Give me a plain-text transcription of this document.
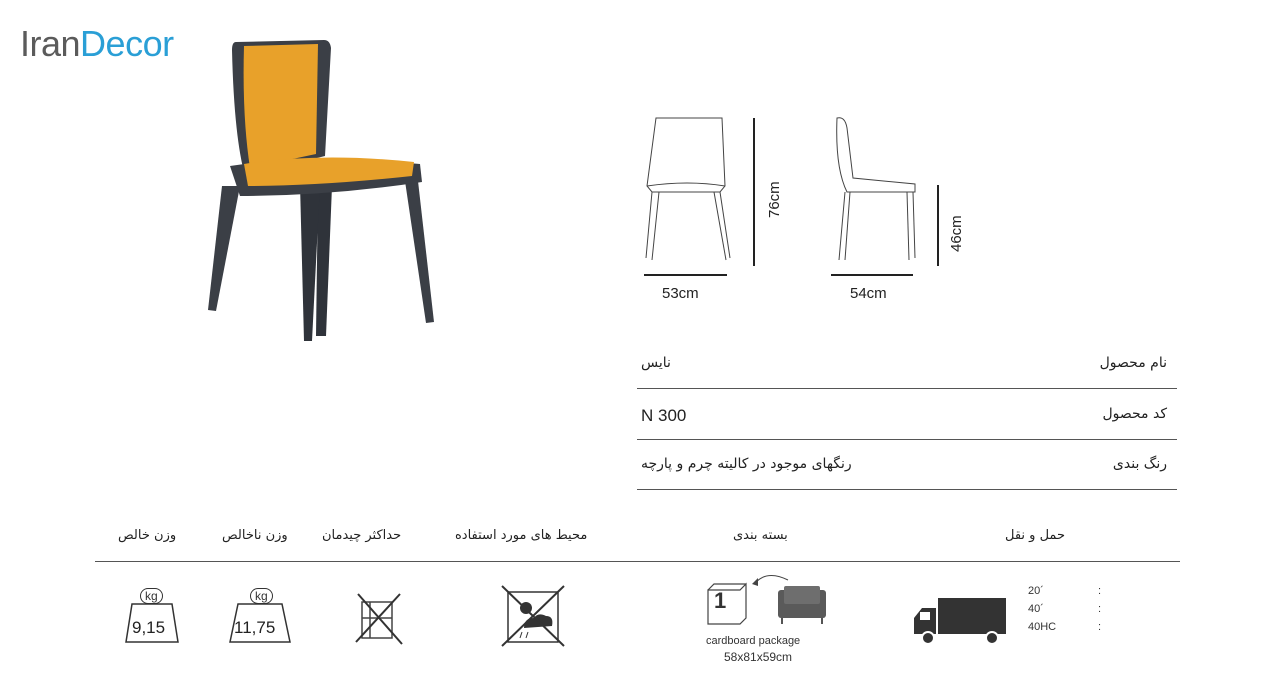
IranDecor
53cm
76cm
54cm
46cm
نام محصول
نایس
کد محصول
N 300
رنگ بندی
رنگهای موجود در کالیته چرم و پارچه
وزن خالص	وزن ناخالص	حداکثر چیدمان	محیط های مورد استفاده	بسته بندی	حمل و نقل
kg
9,15
kg
11,75
1
cardboard package
58x81x59cm
20´
40´
40HC
:
:
:
